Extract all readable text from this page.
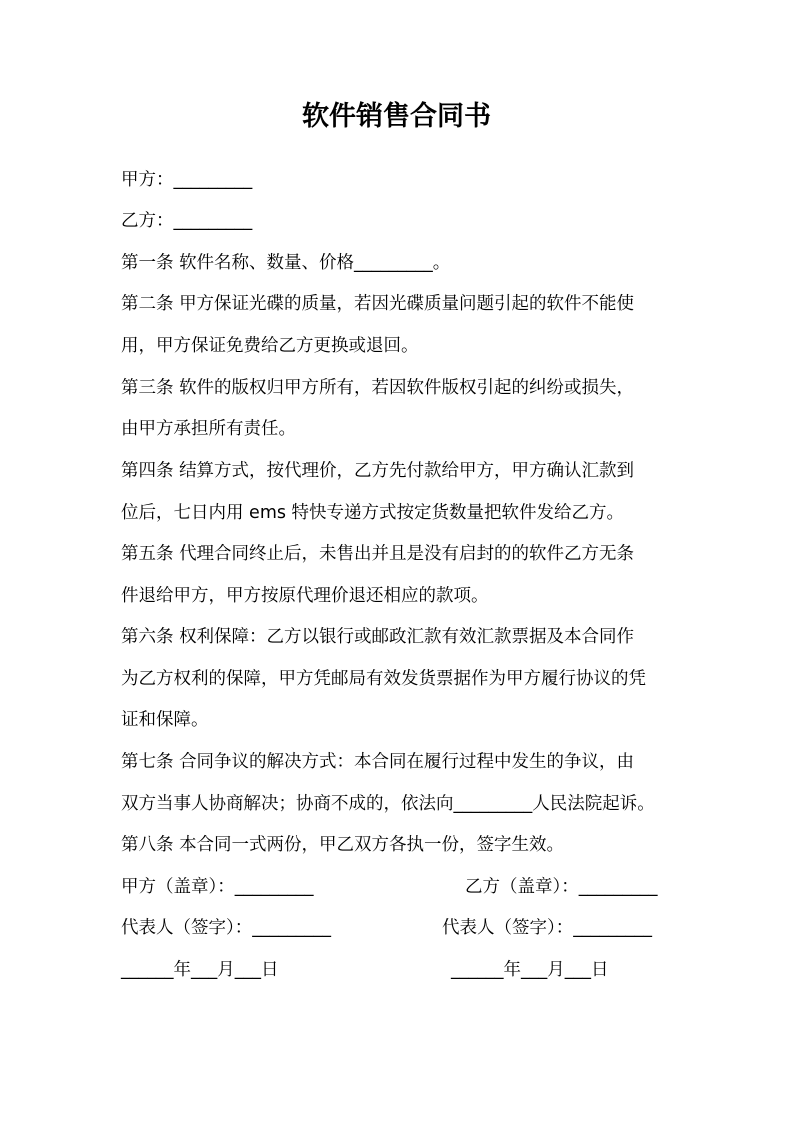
软件销售合同书
甲方：_________
乙方：_________
第一条 软件名称、数量、价格_________。
第二条 甲方保证光碟的质量，若因光碟质量问题引起的软件不能使
用，甲方保证免费给乙方更换或退回。
第三条 软件的版权归甲方所有，若因软件版权引起的纠纷或损失，
由甲方承担所有责任。
第四条 结算方式，按代理价，乙方先付款给甲方，甲方确认汇款到
位后，七日内用 ems 特快专递方式按定货数量把软件发给乙方。
第五条 代理合同终止后，未售出并且是没有启封的的软件乙方无条
件退给甲方，甲方按原代理价退还相应的款项。
第六条 权利保障：乙方以银行或邮政汇款有效汇款票据及本合同作
为乙方权利的保障，甲方凭邮局有效发货票据作为甲方履行协议的凭
证和保障。
第七条 合同争议的解决方式：本合同在履行过程中发生的争议，由
双方当事人协商解决；协商不成的，依法向_________人民法院起诉。
第八条 本合同一式两份，甲乙双方各执一份，签字生效。
甲方（盖章）：_________	乙方（盖章）：_________
代表人（签字）：_________	代表人（签字）：_________
______年___月___日	______年___月___日
